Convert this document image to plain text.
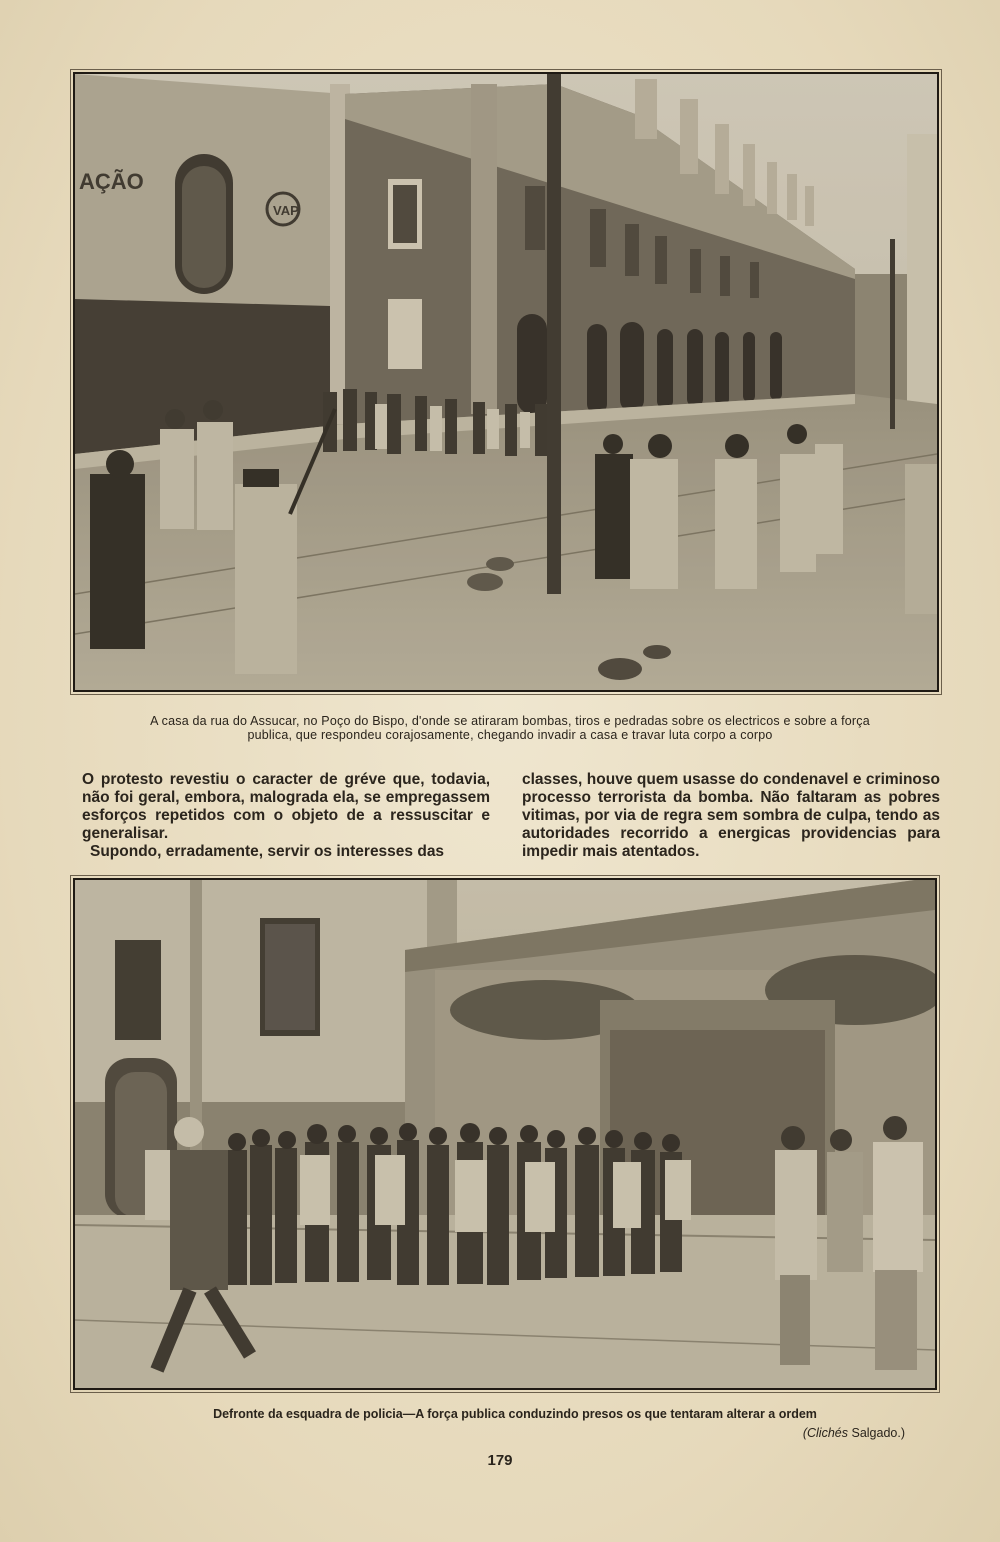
VAP
AÇÃO
A casa da rua do Assucar, no Poço do Bispo, d'onde se atiraram bombas, tiros e pedradas sobre os electricos e sobre a força
publica, que respondeu corajosamente, chegando invadir a casa e travar luta corpo a corpo

O protesto revestiu o caracter de gréve que, todavia, não foi geral, embora, malograda ela, se empregassem esforços repetidos com o objeto de a ressuscitar e generalisar.

Supondo, erradamente, servir os interesses das

classes, houve quem usasse do condenavel e criminoso processo terrorista da bomba. Não faltaram as pobres vitimas, por via de regra sem sombra de culpa, tendo as autoridades recorrido a energicas providencias para impedir mais atentados.

Defronte da esquadra de policia—A força publica conduzindo presos os que tentaram alterar a ordem
(Clichés Salgado.)
179
